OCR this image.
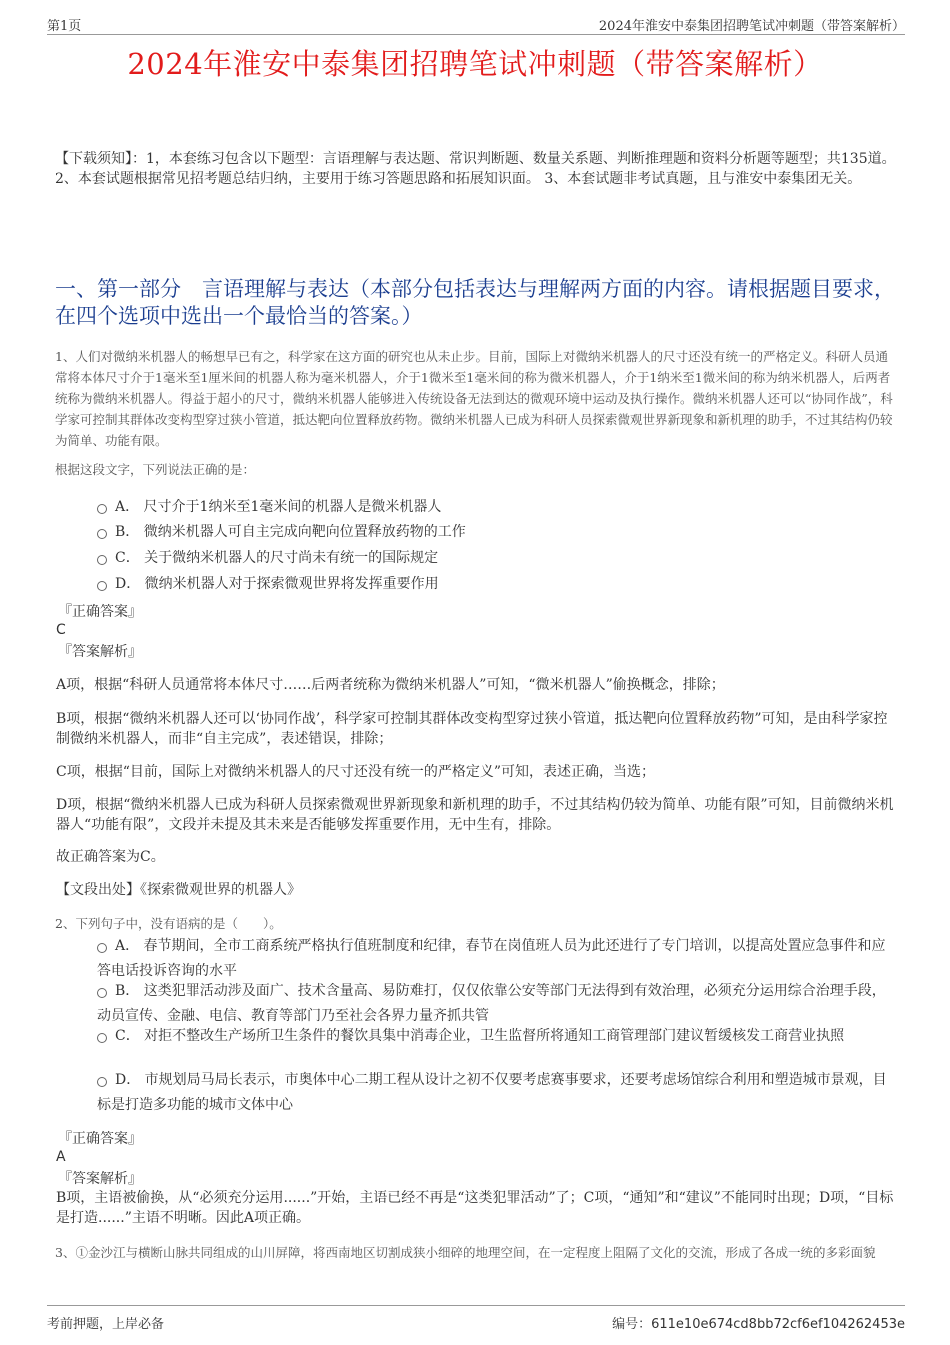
第1页	2024年淮安中泰集团招聘笔试冲刺题（带答案解析）
2024年淮安中泰集团招聘笔试冲刺题（带答案解析）
【下载须知】：1，本套练习包含以下题型：言语理解与表达题、常识判断题、数量关系题、判断推理题和资料分析题等题型；共135道。 2、本套试题根据常见招考题总结归纳，主要用于练习答题思路和拓展知识面。 3、本套试题非考试真题，且与淮安中泰集团无关。
一、第一部分　言语理解与表达（本部分包括表达与理解两方面的内容。请根据题目要求，在四个选项中选出一个最恰当的答案。）
1、人们对微纳米机器人的畅想早已有之，科学家在这方面的研究也从未止步。目前，国际上对微纳米机器人的尺寸还没有统一的严格定义。科研人员通常将本体尺寸介于1毫米至1厘米间的机器人称为毫米机器人，介于1微米至1毫米间的称为微米机器人，介于1纳米至1微米间的称为纳米机器人，后两者统称为微纳米机器人。得益于超小的尺寸，微纳米机器人能够进入传统设备无法到达的微观环境中运动及执行操作。微纳米机器人还可以“协同作战”，科学家可控制其群体改变构型穿过狭小管道，抵达靶向位置释放药物。微纳米机器人已成为科研人员探索微观世界新现象和新机理的助手，不过其结构仍较为简单、功能有限。
根据这段文字，下列说法正确的是：
A． 尺寸介于1纳米至1毫米间的机器人是微米机器人
B． 微纳米机器人可自主完成向靶向位置释放药物的工作
C． 关于微纳米机器人的尺寸尚未有统一的国际规定
D． 微纳米机器人对于探索微观世界将发挥重要作用
『正确答案』
C
『答案解析』
A项，根据“科研人员通常将本体尺寸……后两者统称为微纳米机器人”可知，“微米机器人”偷换概念，排除；
B项，根据“微纳米机器人还可以‘协同作战’，科学家可控制其群体改变构型穿过狭小管道，抵达靶向位置释放药物”可知，是由科学家控制微纳米机器人，而非“自主完成”，表述错误，排除；
C项，根据“目前，国际上对微纳米机器人的尺寸还没有统一的严格定义”可知，表述正确，当选；
D项，根据“微纳米机器人已成为科研人员探索微观世界新现象和新机理的助手，不过其结构仍较为简单、功能有限”可知，目前微纳米机器人“功能有限”，文段并未提及其未来是否能够发挥重要作用，无中生有，排除。
故正确答案为C。
【文段出处】《探索微观世界的机器人》
2、下列句子中，没有语病的是（　　）。
A． 春节期间，全市工商系统严格执行值班制度和纪律，春节在岗值班人员为此还进行了专门培训，以提高处置应急事件和应答电话投诉咨询的水平
B． 这类犯罪活动涉及面广、技术含量高、易防难打，仅仅依靠公安等部门无法得到有效治理，必须充分运用综合治理手段，动员宣传、金融、电信、教育等部门乃至社会各界力量齐抓共管
C． 对拒不整改生产场所卫生条件的餐饮具集中消毒企业，卫生监督所将通知工商管理部门建议暂缓核发工商营业执照
D． 市规划局马局长表示，市奥体中心二期工程从设计之初不仅要考虑赛事要求，还要考虑场馆综合利用和塑造城市景观，目标是打造多功能的城市文体中心
『正确答案』
A
『答案解析』
B项，主语被偷换，从“必须充分运用......”开始，主语已经不再是“这类犯罪活动”了；C项，“通知”和“建议”不能同时出现；D项，“目标是打造......”主语不明晰。因此A项正确。
3、①金沙江与横断山脉共同组成的山川屏障，将西南地区切割成狭小细碎的地理空间，在一定程度上阻隔了文化的交流，形成了各成一统的多彩面貌
考前押题，上岸必备	编号：611e10e674cd8bb72cf6ef104262453e
